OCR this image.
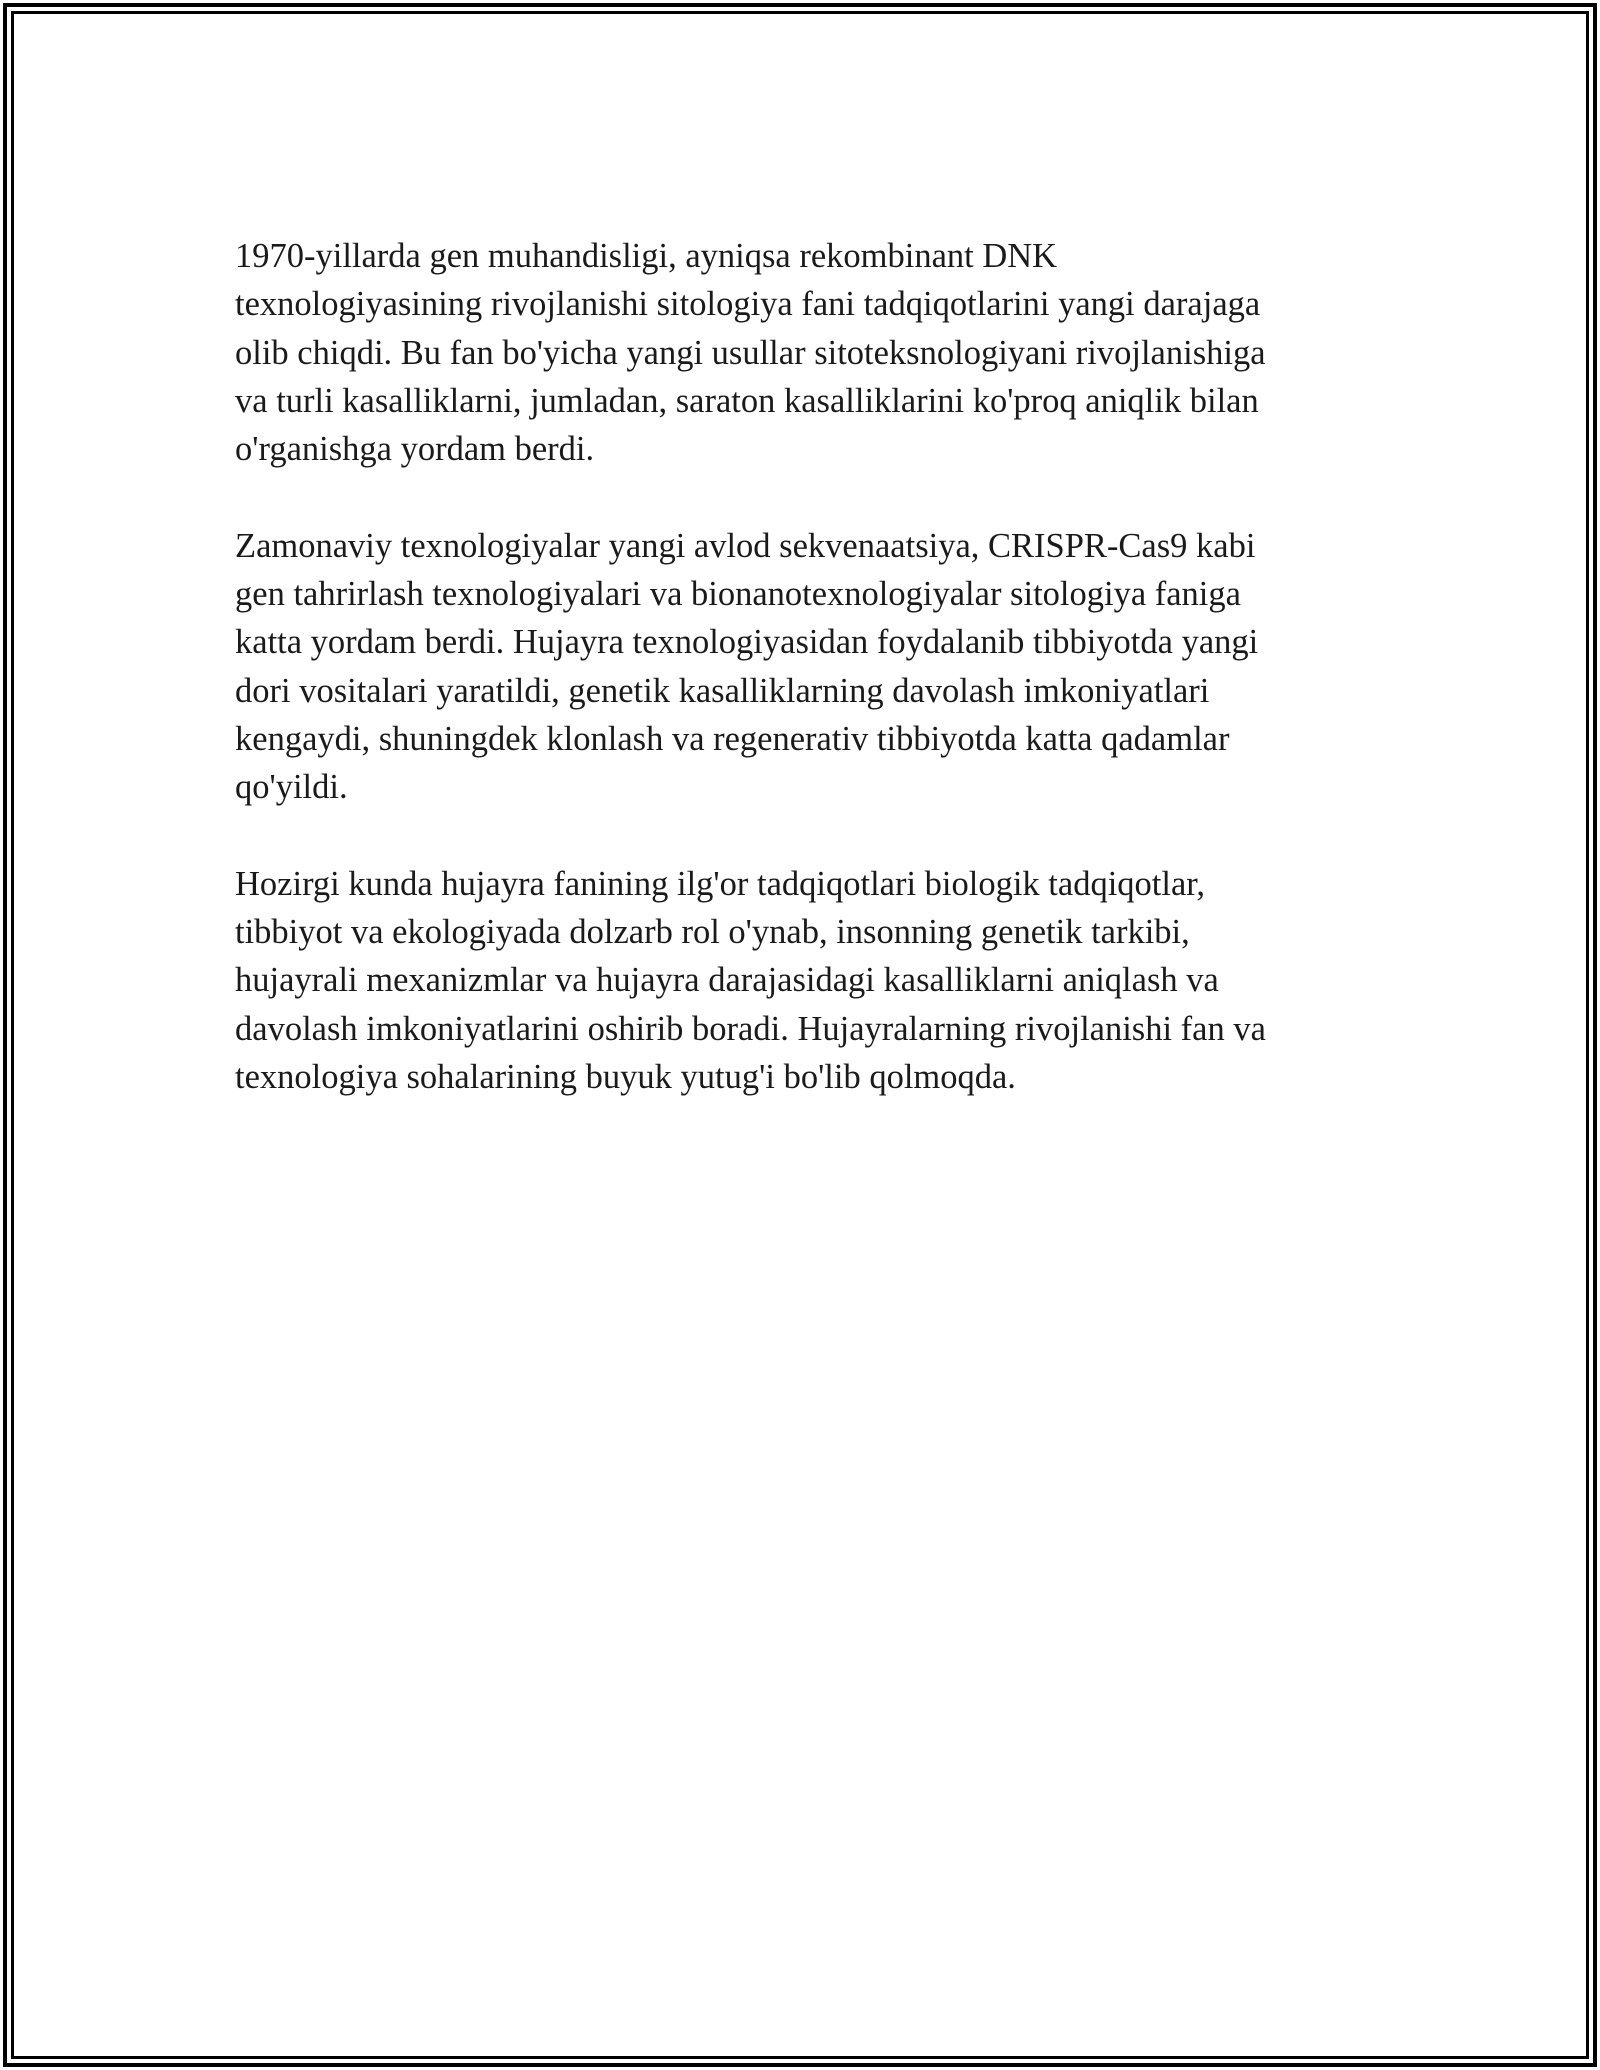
1970-yillarda gen muhandisligi, ayniqsa rekombinant DNK
texnologiyasining rivojlanishi sitologiya fani tadqiqotlarini yangi darajaga
olib chiqdi. Bu fan bo'yicha yangi usullar sitoteksnologiyani rivojlanishiga
va turli kasalliklarni, jumladan, saraton kasalliklarini ko'proq aniqlik bilan
o'rganishga yordam berdi.

Zamonaviy texnologiyalar yangi avlod sekvenaatsiya, CRISPR-Cas9 kabi
gen tahrirlash texnologiyalari va bionanotexnologiyalar sitologiya faniga
katta yordam berdi. Hujayra texnologiyasidan foydalanib tibbiyotda yangi
dori vositalari yaratildi, genetik kasalliklarning davolash imkoniyatlari
kengaydi, shuningdek klonlash va regenerativ tibbiyotda katta qadamlar
qo'yildi.

Hozirgi kunda hujayra fanining ilg'or tadqiqotlari biologik tadqiqotlar,
tibbiyot va ekologiyada dolzarb rol o'ynab, insonning genetik tarkibi,
hujayrali mexanizmlar va hujayra darajasidagi kasalliklarni aniqlash va
davolash imkoniyatlarini oshirib boradi. Hujayralarning rivojlanishi fan va
texnologiya sohalarining buyuk yutug'i bo'lib qolmoqda.
